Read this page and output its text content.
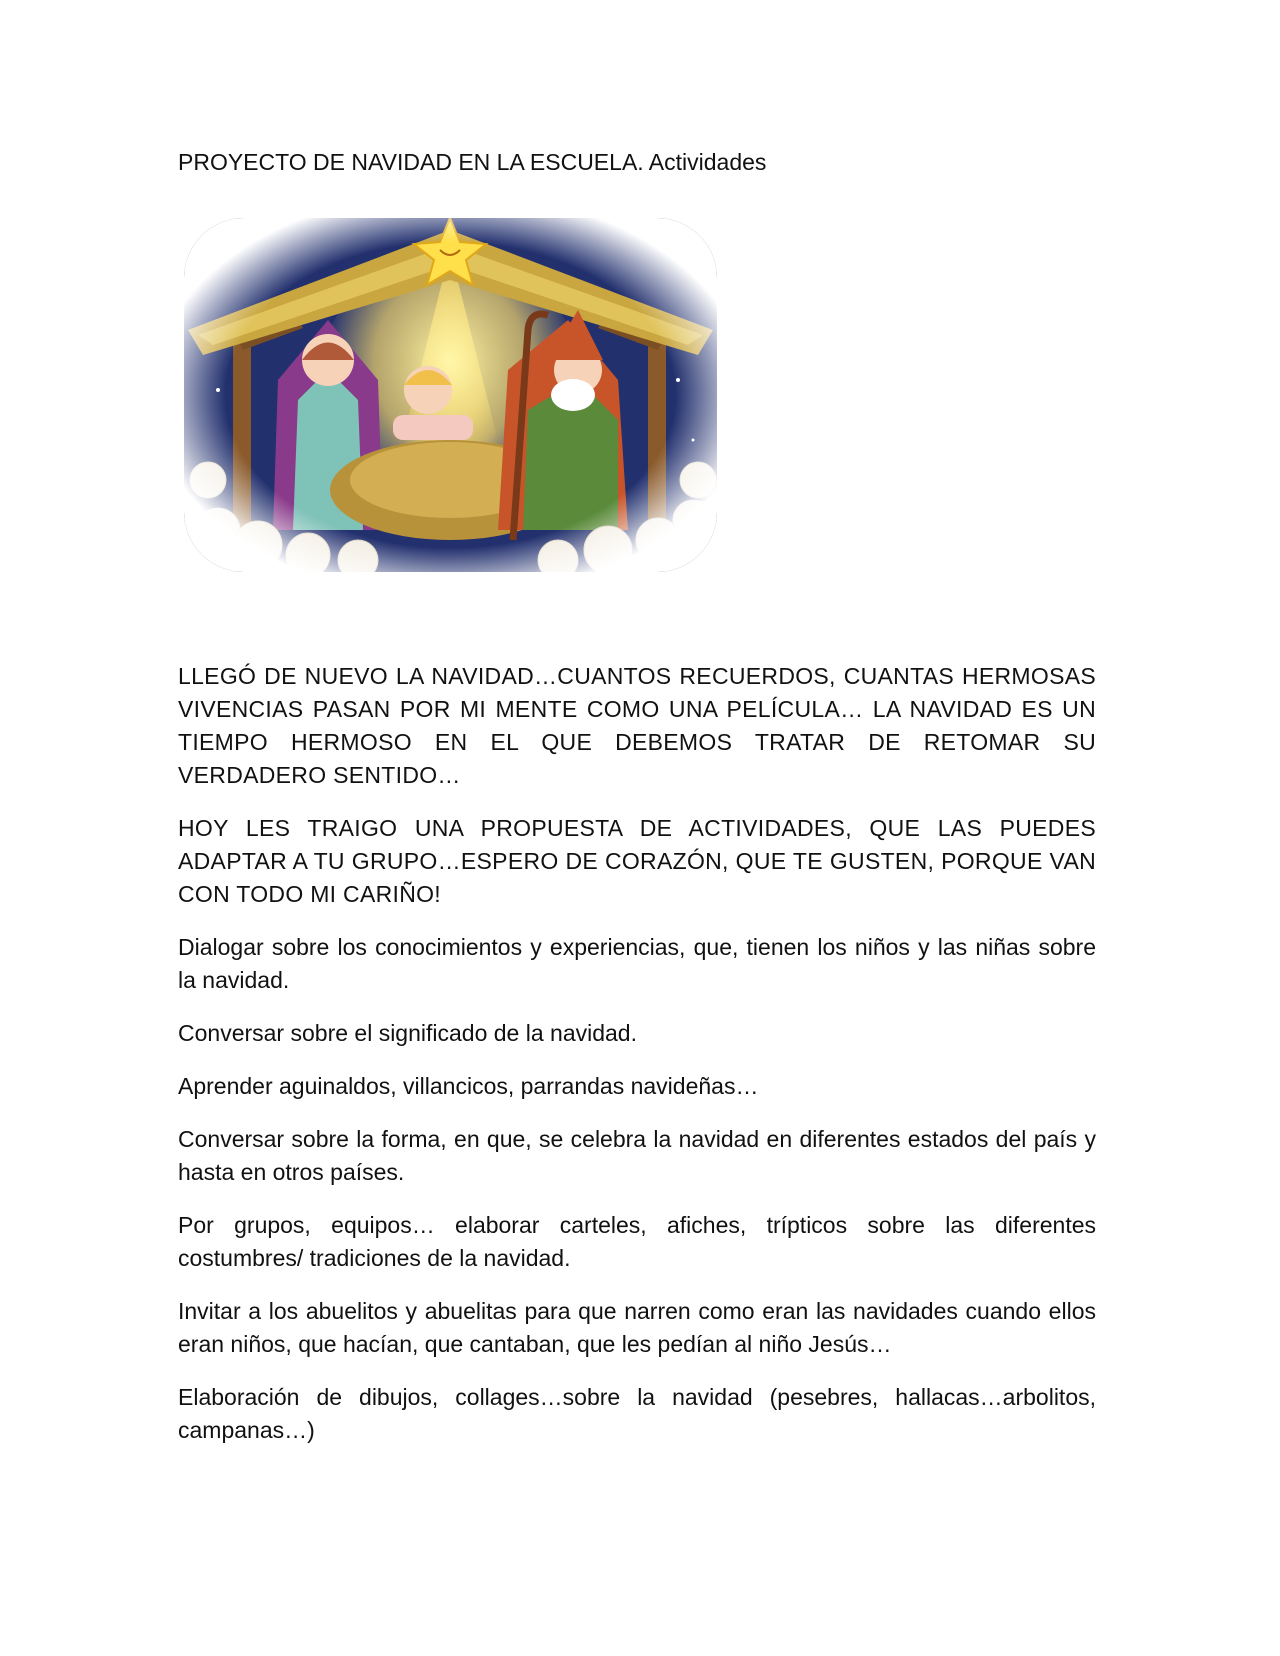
PROYECTO DE NAVIDAD EN LA ESCUELA. Actividades

LLEGÓ DE NUEVO LA NAVIDAD…CUANTOS RECUERDOS, CUANTAS HERMOSAS VIVENCIAS PASAN POR MI MENTE COMO UNA PELÍCULA… LA NAVIDAD ES UN TIEMPO HERMOSO EN EL QUE DEBEMOS TRATAR DE RETOMAR SU VERDADERO SENTIDO…

HOY LES TRAIGO UNA PROPUESTA DE ACTIVIDADES, QUE LAS PUEDES ADAPTAR A TU GRUPO…ESPERO DE CORAZÓN, QUE TE GUSTEN, PORQUE VAN CON TODO MI CARIÑO!

Dialogar sobre los conocimientos y experiencias, que, tienen los niños y las niñas sobre la navidad.

Conversar sobre el significado de la navidad.

Aprender aguinaldos, villancicos, parrandas navideñas…

Conversar sobre la forma, en que, se celebra la navidad en diferentes estados del país y hasta en otros países.

Por grupos, equipos… elaborar carteles, afiches, trípticos sobre las diferentes costumbres/ tradiciones de la navidad.

Invitar a los abuelitos y abuelitas para que narren como eran las navidades cuando ellos eran niños, que hacían, que cantaban, que les pedían al niño Jesús…

Elaboración de dibujos, collages…sobre la navidad (pesebres, hallacas…arbolitos, campanas…)
